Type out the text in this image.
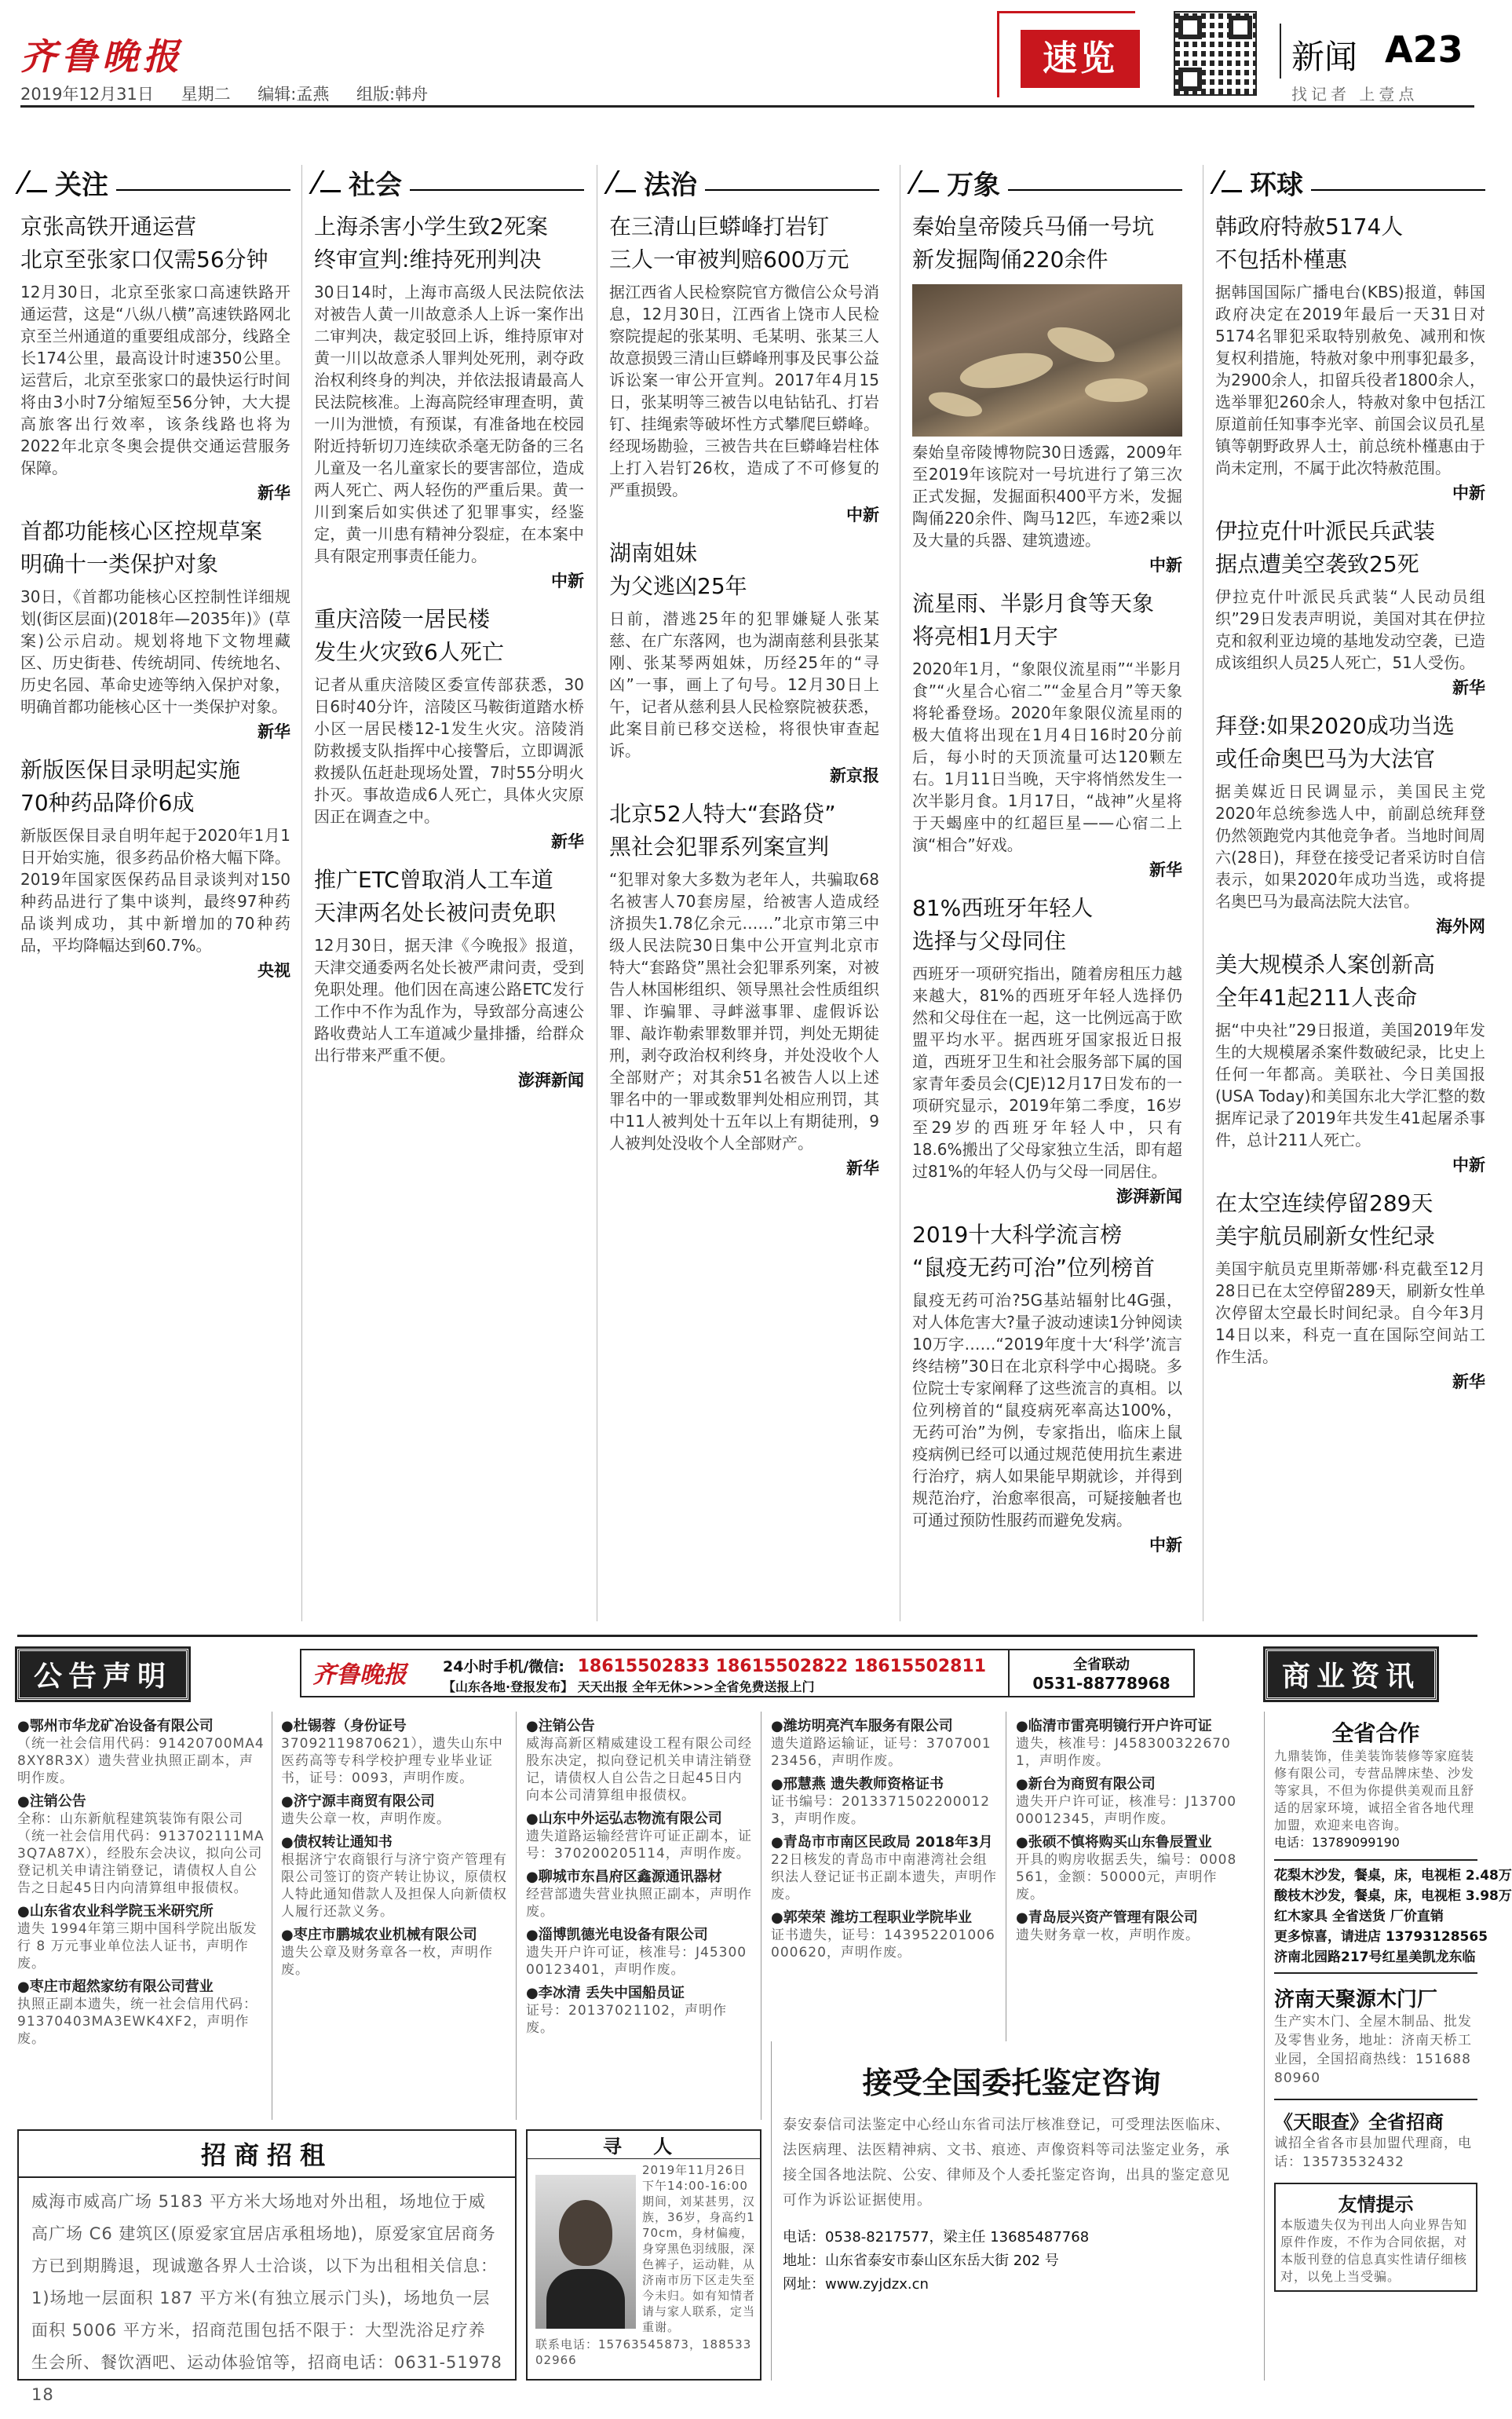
齐鲁晚报
2019年12月31日 星期二 编辑:孟燕 组版:韩舟
速览	新闻 A23
找记者 上壹点
关注
京张高铁开通运营
北京至张家口仅需56分钟
12月30日，北京至张家口高速铁路开通运营，这是“八纵八横”高速铁路网北京至兰州通道的重要组成部分，线路全长174公里，最高设计时速350公里。运营后，北京至张家口的最快运行时间将由3小时7分缩短至56分钟，大大提高旅客出行效率，该条线路也将为2022年北京冬奥会提供交通运营服务保障。
新华
首都功能核心区控规草案
明确十一类保护对象
30日，《首都功能核心区控制性详细规划(街区层面)(2018年—2035年)》(草案)公示启动。规划将地下文物埋藏区、历史街巷、传统胡同、传统地名、历史名园、革命史迹等纳入保护对象，明确首都功能核心区十一类保护对象。
新华
新版医保目录明起实施
70种药品降价6成
新版医保目录自明年起于2020年1月1日开始实施，很多药品价格大幅下降。2019年国家医保药品目录谈判对150种药品进行了集中谈判，最终97种药品谈判成功，其中新增加的70种药品，平均降幅达到60.7%。
央视
社会
上海杀害小学生致2死案
终审宣判:维持死刑判决
30日14时，上海市高级人民法院依法对被告人黄一川故意杀人上诉一案作出二审判决，裁定驳回上诉，维持原审对黄一川以故意杀人罪判处死刑，剥夺政治权利终身的判决，并依法报请最高人民法院核准。上海高院经审理查明，黄一川为泄愤，有预谋，有准备地在校园附近持斩切刀连续砍杀毫无防备的三名儿童及一名儿童家长的要害部位，造成两人死亡、两人轻伤的严重后果。黄一川到案后如实供述了犯罪事实，经鉴定，黄一川患有精神分裂症，在本案中具有限定刑事责任能力。
中新
重庆涪陵一居民楼
发生火灾致6人死亡
记者从重庆涪陵区委宣传部获悉，30日6时40分许，涪陵区马鞍街道踏水桥小区一居民楼12-1发生火灾。涪陵消防救援支队指挥中心接警后，立即调派救援队伍赶赴现场处置，7时55分明火扑灭。事故造成6人死亡，具体火灾原因正在调查之中。
新华
推广ETC曾取消人工车道
天津两名处长被问责免职
12月30日，据天津《今晚报》报道，天津交通委两名处长被严肃问责，受到免职处理。他们因在高速公路ETC发行工作中不作为乱作为，导致部分高速公路收费站人工车道减少量排播，给群众出行带来严重不便。
澎湃新闻
法治
在三清山巨蟒峰打岩钉
三人一审被判赔600万元
据江西省人民检察院官方微信公众号消息，12月30日，江西省上饶市人民检察院提起的张某明、毛某明、张某三人故意损毁三清山巨蟒峰刑事及民事公益诉讼案一审公开宣判。2017年4月15日，张某明等三被告以电钻钻孔、打岩钉、挂绳索等破坏性方式攀爬巨蟒峰。经现场勘验，三被告共在巨蟒峰岩柱体上打入岩钉26枚，造成了不可修复的严重损毁。
中新
湖南姐妹
为父逃凶25年
日前，潜逃25年的犯罪嫌疑人张某慈、在广东落网，也为湖南慈利县张某刚、张某琴两姐妹，历经25年的“寻凶”一事，画上了句号。12月30日上午，记者从慈利县人民检察院被获悉，此案目前已移交送检，将很快审查起诉。
新京报
北京52人特大“套路贷”
黑社会犯罪系列案宣判
“犯罪对象大多数为老年人，共骗取68名被害人70套房屋，给被害人造成经济损失1.78亿余元……”北京市第三中级人民法院30日集中公开宣判北京市特大“套路贷”黑社会犯罪系列案，对被告人林国彬组织、领导黑社会性质组织罪、诈骗罪、寻衅滋事罪、虚假诉讼罪、敲诈勒索罪数罪并罚，判处无期徒刑，剥夺政治权利终身，并处没收个人全部财产；对其余51名被告人以上述罪名中的一罪或数罪判处相应刑罚，其中11人被判处十五年以上有期徒刑，9人被判处没收个人全部财产。
新华
万象
秦始皇帝陵兵马俑一号坑
新发掘陶俑220余件
秦始皇帝陵博物院30日透露，2009年至2019年该院对一号坑进行了第三次正式发掘，发掘面积400平方米，发掘陶俑220余件、陶马12匹，车迹2乘以及大量的兵器、建筑遗迹。
中新
流星雨、半影月食等天象
将亮相1月天宇
2020年1月，“象限仪流星雨”“半影月食”“火星合心宿二”“金星合月”等天象将轮番登场。2020年象限仪流星雨的极大值将出现在1月4日16时20分前后，每小时的天顶流量可达120颗左右。1月11日当晚，天宇将悄然发生一次半影月食。1月17日，“战神”火星将于天蝎座中的红超巨星——心宿二上演“相合”好戏。
新华
81%西班牙年轻人
选择与父母同住
西班牙一项研究指出，随着房租压力越来越大，81%的西班牙年轻人选择仍然和父母住在一起，这一比例远高于欧盟平均水平。据西班牙国家报近日报道，西班牙卫生和社会服务部下属的国家青年委员会(CJE)12月17日发布的一项研究显示，2019年第二季度，16岁至29岁的西班牙年轻人中，只有18.6%搬出了父母家独立生活，即有超过81%的年轻人仍与父母一同居住。
澎湃新闻
2019十大科学流言榜
“鼠疫无药可治”位列榜首
鼠疫无药可治?5G基站辐射比4G强，对人体危害大?量子波动速读1分钟阅读10万字……“2019年度十大‘科学’流言终结榜”30日在北京科学中心揭晓。多位院士专家阐释了这些流言的真相。以位列榜首的“鼠疫病死率高达100%，无药可治”为例，专家指出，临床上鼠疫病例已经可以通过规范使用抗生素进行治疗，病人如果能早期就诊，并得到规范治疗，治愈率很高，可疑接触者也可通过预防性服药而避免发病。
中新
环球
韩政府特赦5174人
不包括朴槿惠
据韩国国际广播电台(KBS)报道，韩国政府决定在2019年最后一天31日对5174名罪犯采取特别赦免、减刑和恢复权利措施，特赦对象中刑事犯最多，为2900余人，扣留兵役者1800余人，选举罪犯260余人，特赦对象中包括江原道前任知事李光宰、前国会议员孔星镇等朝野政界人士，前总统朴槿惠由于尚未定刑，不属于此次特赦范围。
中新
伊拉克什叶派民兵武装
据点遭美空袭致25死
伊拉克什叶派民兵武装“人民动员组织”29日发表声明说，美国对其在伊拉克和叙利亚边境的基地发动空袭，已造成该组织人员25人死亡，51人受伤。
新华
拜登:如果2020成功当选
或任命奥巴马为大法官
据美媒近日民调显示，美国民主党2020年总统参选人中，前副总统拜登仍然领跑党内其他竞争者。当地时间周六(28日)，拜登在接受记者采访时自信表示，如果2020年成功当选，或将提名奥巴马为最高法院大法官。
海外网
美大规模杀人案创新高
全年41起211人丧命
据“中央社”29日报道，美国2019年发生的大规模屠杀案件数破纪录，比史上任何一年都高。美联社、今日美国报(USA Today)和美国东北大学汇整的数据库记录了2019年共发生41起屠杀事件，总计211人死亡。
中新
在太空连续停留289天
美宇航员刷新女性纪录
美国宇航员克里斯蒂娜·科克截至12月28日已在太空停留289天，刷新女性单次停留太空最长时间纪录。自今年3月14日以来，科克一直在国际空间站工作生活。
新华
公告声明	齐鲁晚报 24小时手机/微信: 18615502833 18615502822 18615502811
【山东各地·登报发布】 天天出报 全年无休>>>全省免费送报上门
全省联动
0531-88778968	商业资讯
●鄂州市华龙矿冶设备有限公司
（统一社会信用代码：91420700MA48XY8R3X）遗失营业执照正副本，声明作废。
●注销公告
全称：山东新航程建筑装饰有限公司（统一社会信用代码：913702111MA3Q7A87X），经股东会决议，拟向公司登记机关申请注销登记，请债权人自公告之日起45日内向清算组申报债权。
●山东省农业科学院玉米研究所
遗失 1994年第三期中国科学院出版发行 8 万元事业单位法人证书，声明作废。
●枣庄市超然家纺有限公司营业
执照正副本遗失，统一社会信用代码：91370403MA3EWK4XF2，声明作废。
●杜锡蓉（身份证号
37092119870621），遗失山东中医药高等专科学校护理专业毕业证书，证号：0093，声明作废。
●济宁源丰商贸有限公司
遗失公章一枚，声明作废。
●债权转让通知书
根据济宁农商银行与济宁资产管理有限公司签订的资产转让协议，原债权人特此通知借款人及担保人向新债权人履行还款义务。
●枣庄市鹏城农业机械有限公司
遗失公章及财务章各一枚，声明作废。
●注销公告
威海高新区精威建设工程有限公司经股东决定，拟向登记机关申请注销登记，请债权人自公告之日起45日内向本公司清算组申报债权。
●山东中外运弘志物流有限公司
遗失道路运输经营许可证正副本，证号：370200205114，声明作废。
●聊城市东昌府区鑫源通讯器材
经营部遗失营业执照正副本，声明作废。
●淄博凯德光电设备有限公司
遗失开户许可证，核准号：J4530000123401，声明作废。
●李冰清 丢失中国船员证
证号：20137021102，声明作废。
●潍坊明亮汽车服务有限公司
遗失道路运输证，证号：370700123456，声明作废。
●邢慧燕 遗失教师资格证书
证书编号：20133715022000123，声明作废。
●青岛市市南区民政局 2018年3月
22日核发的青岛市中南港湾社会组织法人登记证书正副本遗失，声明作废。
●郭荣荣 潍坊工程职业学院毕业
证书遗失，证号：143952201006000620，声明作废。
●临清市雷亮明镜行开户许可证
遗失，核准号：J4583003226701，声明作废。
●新台为商贸有限公司
遗失开户许可证，核准号：J1370000012345，声明作废。
●张硕不慎将购买山东鲁辰置业
开具的购房收据丢失，编号：0008561，金额：50000元，声明作废。
●青岛辰兴资产管理有限公司
遗失财务章一枚，声明作废。
招商招租
威海市威高广场 5183 平方米大场地对外出租，场地位于威高广场 C6 建筑区(原爱家宜居店承租场地)，原爱家宜居商务方已到期腾退，现诚邀各界人士洽谈，以下为出租相关信息：1)场地一层面积 187 平方米(有独立展示门头)，场地负一层面积 5006 平方米，招商范围包括不限于：大型洗浴足疗养生会所、餐饮酒吧、运动体验馆等，招商电话：0631-5197818
寻 人
2019年11月26日下午14:00-16:00期间，刘某甚男，汉族，36岁，身高约170cm，身材偏瘦，身穿黑色羽绒服，深色裤子，运动鞋，从济南市历下区走失至今未归。如有知情者请与家人联系，定当重谢。
联系电话：15763545873，18853302966
接受全国委托鉴定咨询
泰安泰信司法鉴定中心经山东省司法厅核准登记，可受理法医临床、法医病理、法医精神病、文书、痕迹、声像资料等司法鉴定业务，承接全国各地法院、公安、律师及个人委托鉴定咨询，出具的鉴定意见可作为诉讼证据使用。
电话：0538-8217577，梁主任 13685487768
地址：山东省泰安市泰山区东岳大街 202 号
网址：www.zyjdzx.cn
全省合作
九鼎装饰，佳美装饰装修等家庭装修有限公司，专营品牌床垫、沙发等家具，不但为你提供美观而且舒适的居家环境，诚招全省各地代理加盟，欢迎来电咨询。
电话：13789099190
花梨木沙发，餐桌，床，电视柜 2.48万
酸枝木沙发，餐桌，床，电视柜 3.98万
红木家具 全省送货 厂价直销
更多惊喜，请进店 13793128565
济南北园路217号红星美凯龙东临
济南天聚源木门厂
生产实木门、全屋木制品、批发及零售业务，地址：济南天桥工业园，全国招商热线：15168880960
《天眼查》全省招商
诚招全省各市县加盟代理商，电话：13573532432
友情提示
本版遗失仅为刊出人向业界告知原件作废，不作为合同依据，对本版刊登的信息真实性请仔细核对，以免上当受骗。
